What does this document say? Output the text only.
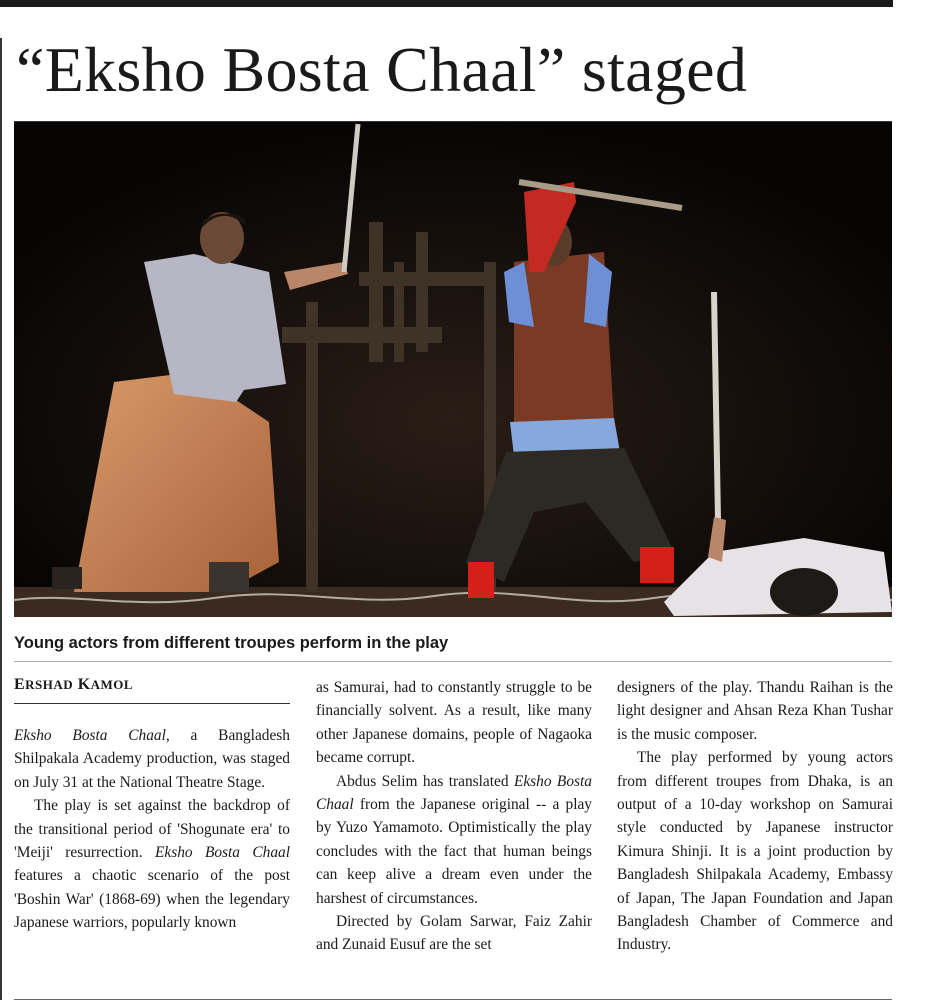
“Eksho Bosta Chaal” staged

Young actors from different troupes perform in the play

ERSHAD KAMOL

Eksho Bosta Chaal, a Bangladesh Shilpakala Academy production, was staged on July 31 at the National Theatre Stage.

The play is set against the backdrop of the transitional period of 'Shogunate era' to 'Meiji' resurrection. Eksho Bosta Chaal features a chaotic scenario of the post 'Boshin War' (1868-69) when the legendary Japanese warriors, popularly known

as Samurai, had to constantly struggle to be financially solvent. As a result, like many other Japanese domains, people of Nagaoka became corrupt.

Abdus Selim has translated Eksho Bosta Chaal from the Japanese original -- a play by Yuzo Yamamoto. Optimistically the play concludes with the fact that human beings can keep alive a dream even under the harshest of circumstances.

Directed by Golam Sarwar, Faiz Zahir and Zunaid Eusuf are the set

designers of the play. Thandu Raihan is the light designer and Ahsan Reza Khan Tushar is the music composer.

The play performed by young actors from different troupes from Dhaka, is an output of a 10-day workshop on Samurai style conducted by Japanese instructor Kimura Shinji. It is a joint production by Bangladesh Shilpakala Academy, Embassy of Japan, The Japan Foundation and Japan Bangladesh Chamber of Commerce and Industry.
